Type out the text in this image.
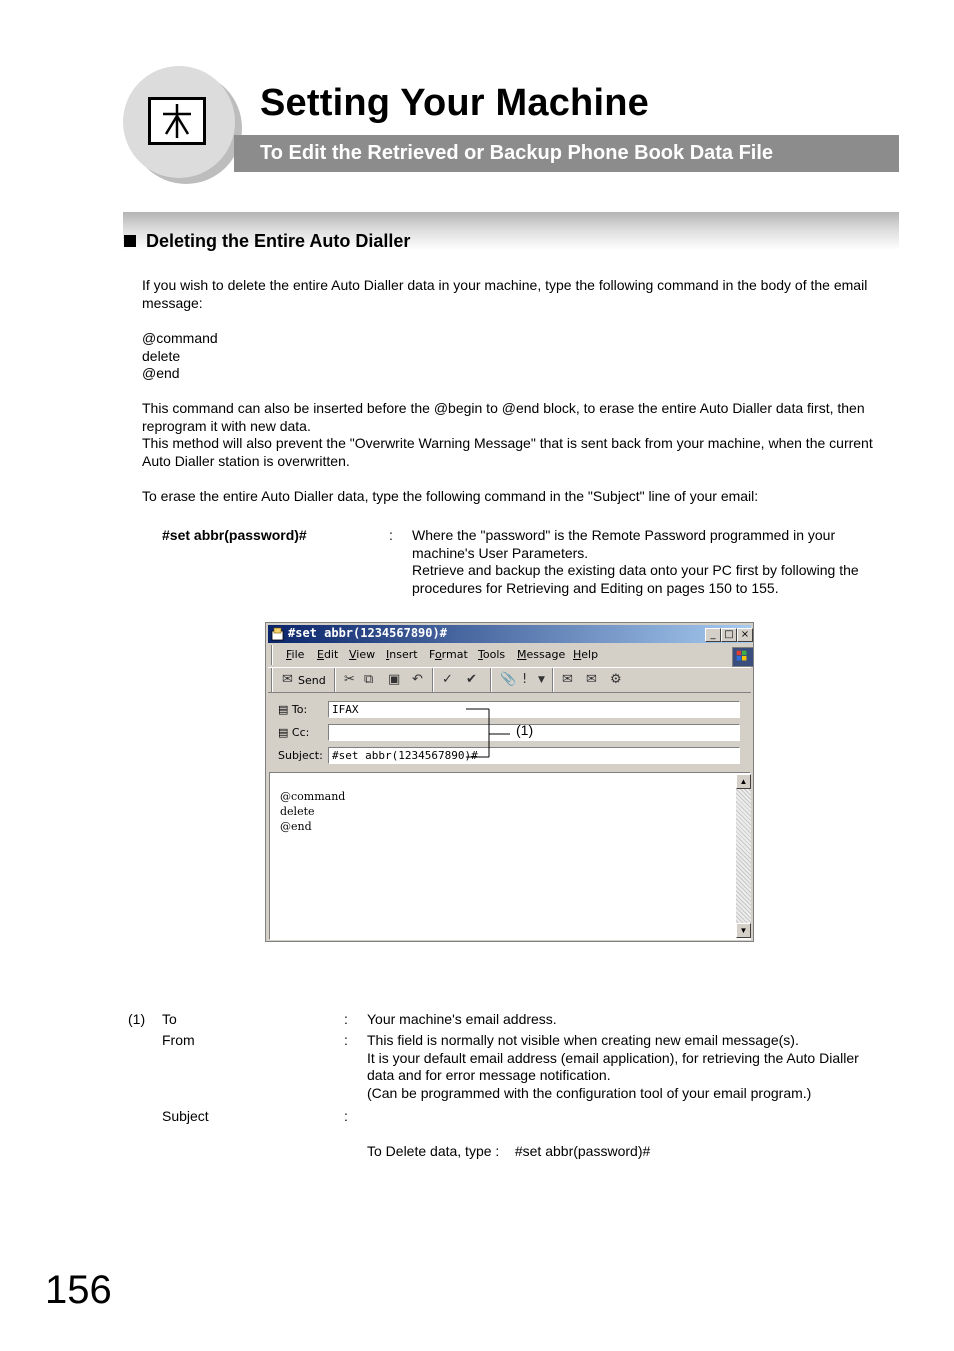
Setting Your Machine
To Edit the Retrieved or Backup Phone Book Data File
Deleting the Entire Auto Dialler
If you wish to delete the entire Auto Dialler data in your machine, type the following command in the body of the email message:
@command
delete
@end
This command can also be inserted before the @begin to @end block, to erase the entire Auto Dialler data first, then reprogram it with new data.
This method will also prevent the "Overwrite Warning Message" that is sent back from your machine, when the current Auto Dialler station is overwritten.
To erase the entire Auto Dialler data, type the following command in the "Subject" line of your email:
#set abbr(password)#	: Where the "password" is the Remote Password programmed in your machine's User Parameters.
Retrieve and backup the existing data onto your PC first by following the procedures for Retrieving and Editing on pages 150 to 155.
#set abbr(1234567890)#	_ □ ×
File Edit View Insert Format Tools Message Help
✉ Send ✂ ⧉ ▣ ↶ ✓ ✔ 📎 ! ▼ ✉ ✉ ⚙
▤ To:	IFAX
▤ Cc:
Subject: #set abbr(1234567890)#
@command
delete
@end
▲
▼
(1)
(1) To	: Your machine's email address.
From	: This field is normally not visible when creating new email message(s).
It is your default email address (email application), for retrieving the Auto Dialler data and for error message notification.
(Can be programmed with the configuration tool of your email program.)
Subject	:

To Delete data, type :    #set abbr(password)#

156
